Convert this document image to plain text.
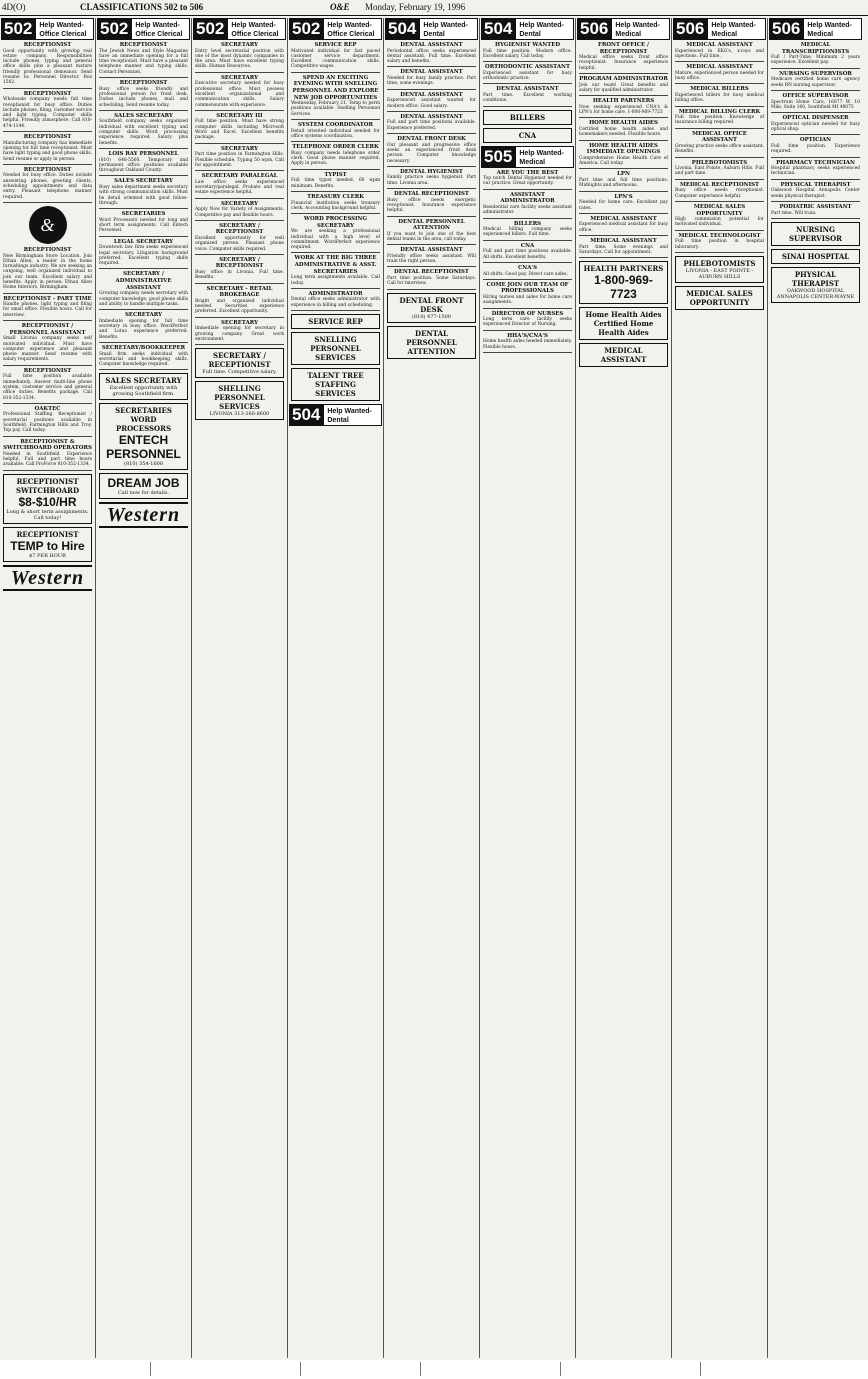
4D(O)	CLASSIFICATIONS 502 to 506	O&E Monday, February 19, 1996
502	Help Wanted-Office Clerical
RECEPTIONIST
Good opportunity with growing real estate company. Responsibilities include phones, typing and general office skills plus a pleasant mature friendly professional demeanor. Send resume to: Personnel Director, Box 1502.
RECEPTIONIST
Wholesale company needs full time receptionist for busy office. Duties include phones, filing, customer service and light typing. Computer skills helpful. Friendly atmosphere. Call 810-474-1144.
RECEPTIONIST
Manufacturing company has immediate opening for full time receptionist. Must have light typing and good phone skills. Send resume or apply in person.
RECEPTIONIST
Needed for busy office. Duties include answering phones, greeting clients, scheduling appointments and data entry. Pleasant telephone manner required.
&
RECEPTIONIST
New Birmingham Store Location. Join Ethan Allen, a leader in the home furnishings industry. We are seeking an outgoing, well organized individual to join our team. Excellent salary and benefits. Apply in person: Ethan Allen Home Interiors, Birmingham.
RECEPTIONIST - PART TIME
Handle phones, light typing and filing for small office. Flexible hours. Call for interview.
RECEPTIONIST / PERSONNEL ASSISTANT
Small Livonia company seeks self motivated individual. Must have computer experience and pleasant phone manner. Send resume with salary requirements.
RECEPTIONIST
Full time position available immediately. Answer multi-line phone system, customer service and general office duties. Benefits package. Call 810-352-1334.
OAKTEC
Professional Staffing. Receptionist / secretarial positions available in Southfield, Farmington Hills and Troy. Top pay. Call today.
RECEPTIONIST & SWITCHBOARD OPERATORS
Needed in Southfield. Experience helpful. Full and part time hours available. Call ProForce 810-352-1334.
RECEPTIONIST SWITCHBOARD
$8-$10/HR
Long & short term assignments. Call today!
RECEPTIONIST
TEMP to Hire
$7 PER HOUR
Western
502	Help Wanted-Office Clerical
RECEPTIONIST
The Jewish News and Style Magazine have an immediate opening for a full time receptionist. Must have a pleasant telephone manner and typing skills. Contact Personnel.
RECEPTIONIST
Busy office seeks friendly and professional person for front desk. Duties include phones, mail and scheduling. Send resume today.
SALES SECRETARY
Southfield company seeks organized individual with excellent typing and computer skills. Word processing experience required. Salary plus benefits.
LOIS RAY PERSONNEL
(810) 646-5560. Temporary and permanent office positions available throughout Oakland County.
SALES SECRETARY
Busy sales department seeks secretary with strong communication skills. Must be detail oriented with good follow-through.
SECRETARIES
Word Processors needed for long and short term assignments. Call Entech Personnel.
LEGAL SECRETARY
Downtown law firm seeks experienced legal secretary. Litigation background preferred. Excellent typing skills required.
SECRETARY / ADMINISTRATIVE ASSISTANT
Growing company needs secretary with computer knowledge, good phone skills and ability to handle multiple tasks.
SECRETARY
Immediate opening for full time secretary in busy office. WordPerfect and Lotus experience preferred. Benefits.
SECRETARY/BOOKKEEPER
Small firm seeks individual with secretarial and bookkeeping skills. Computer knowledge required.
SALES SECRETARY
Excellent opportunity with growing Southfield firm.
SECRETARIES WORD PROCESSORS
ENTECH PERSONNEL
(810) 354-1600
DREAM JOB
Call now for details.
Western
502	Help Wanted-Office Clerical
SECRETARY
Entry level secretarial position with one of the most dynamic companies in the area. Must have excellent typing skills. Human Resources.
SECRETARY
Executive secretary needed for busy professional office. Must possess excellent organizational and communication skills. Salary commensurate with experience.
SECRETARY III
Full time position. Must have strong computer skills including Microsoft Word and Excel. Excellent benefits package.
SECRETARY
Part time position in Farmington Hills. Flexible schedule. Typing 50 wpm. Call for appointment.
SECRETARY PARALEGAL
Law office seeks experienced secretary/paralegal. Probate and real estate experience helpful.
SECRETARY
Apply Now for Variety of Assignments. Competitive pay and flexible hours.
SECRETARY / RECEPTIONIST
Excellent opportunity for well organized person. Pleasant phone voice. Computer skills required.
SECRETARY / RECEPTIONIST
Busy office in Livonia. Full time. Benefits.
SECRETARY - RETAIL BROKERAGE
Bright and organized individual needed. Securities experience preferred. Excellent opportunity.
SECRETARY
Immediate opening for secretary in growing company. Great work environment.
SECRETARY / RECEPTIONIST
Full time. Competitive salary.
SHELLING PERSONNEL SERVICES
LIVONIA 313-266-8600
502	Help Wanted-Office Clerical
SERVICE REP
Motivated individual for fast paced customer service department. Excellent communication skills. Competitive wages.
SPEND AN EXCITING EVENING WITH SNELLING PERSONNEL AND EXPLORE NEW JOB OPPORTUNITIES
Wednesday, February 21. Temp to perm positions available. Snelling Personnel Services.
SYSTEM COORDINATOR
Detail oriented individual needed for office systems coordination.
TELEPHONE ORDER CLERK
Busy company needs telephone order clerk. Good phone manner required. Apply in person.
TYPIST
Full time typist needed. 60 wpm minimum. Benefits.
TREASURY CLERK
Financial institution seeks treasury clerk. Accounting background helpful.
WORD PROCESSING SECRETARY
We are seeking a professional individual with a high level of commitment. WordPerfect experience required.
WORK AT THE BIG THREE ADMINISTRATIVE & ASST. SECRETARIES
Long term assignments available. Call today.
ADMINISTRATOR
Dental office seeks administrator with experience in billing and scheduling.
SERVICE REP
SNELLING PERSONNEL SERVICES
TALENT TREE STAFFING SERVICES
504	Help Wanted-Dental
504	Help Wanted-Dental
DENTAL ASSISTANT
Periodontal office seeks experienced dental assistant. Full time. Excellent salary and benefits.
DENTAL ASSISTANT
Needed for busy family practice. Part time, some evenings.
DENTAL ASSISTANT
Experienced assistant wanted for modern office. Good salary.
DENTAL ASSISTANT
Full and part time positions available. Experience preferred.
DENTAL FRONT DESK
Our pleasant and progressive office seeks an experienced front desk person. Computer knowledge necessary.
DENTAL HYGIENIST
Family practice seeks hygienist. Part time. Livonia area.
DENTAL RECEPTIONIST
Busy office needs energetic receptionist. Insurance experience helpful.
DENTAL PERSONNEL ATTENTION
If you want to join one of the best dental teams in the area, call today.
DENTAL ASSISTANT
Friendly office seeks assistant. Will train the right person.
DENTAL RECEPTIONIST
Part time position. Some Saturdays. Call for interview.
DENTAL FRONT DESK
(810) 477-1500
DENTAL PERSONNEL ATTENTION
504	Help Wanted-Dental
HYGIENIST WANTED
Full time position. Modern office. Excellent salary. Call today.
ORTHODONTIC ASSISTANT
Experienced assistant for busy orthodontic practice.
DENTAL ASSISTANT
Part time. Excellent working conditions.
BILLERS
CNA
505	Help Wanted-Medical
ARE YOU THE BEST
Top notch Dental Hygienist needed for our practice. Great opportunity.
ASSISTANT ADMINISTRATOR
Residential care facility seeks assistant administrator.
BILLERS
Medical billing company seeks experienced billers. Full time.
CNA
Full and part time positions available. All shifts. Excellent benefits.
CNA'S
All shifts. Good pay. Direct care aides.
COME JOIN OUR TEAM OF PROFESSIONALS
Hiring nurses and aides for home care assignments.
DIRECTOR OF NURSES
Long term care facility seeks experienced Director of Nursing.
HHA'S/CNA'S
Home health aides needed immediately. Flexible hours.
506	Help Wanted-Medical
FRONT OFFICE / RECEPTIONIST
Medical office seeks front office receptionist. Insurance experience helpful.
PROGRAM ADMINISTRATOR
Join our team! Great benefits and salary for qualified administrator.
HEALTH PARTNERS
Now seeking experienced CNA's & LPN's for home care. 1-800-969-7723
HOME HEALTH AIDES
Certified home health aides and homemakers needed. Flexible hours.
HOME HEALTH AIDES IMMEDIATE OPENINGS
Comprehensive Home Health Care of America. Call today.
LPN
Part time and full time positions. Midnights and afternoons.
LPN'S
Needed for home care. Excellent pay rates.
MEDICAL ASSISTANT
Experienced medical assistant for busy office.
MEDICAL ASSISTANT
Part time. Some evenings and Saturdays. Call for appointment.
HEALTH PARTNERS
1-800-969-7723
Home Health Aides Certified Home Health Aides
MEDICAL ASSISTANT
506	Help Wanted-Medical
MEDICAL ASSISTANT
Experienced in EKG's, x-rays and injections. Full time.
MEDICAL ASSISTANT
Mature, experienced person needed for busy office.
MEDICAL BILLERS
Experienced billers for busy medical billing office.
MEDICAL BILLING CLERK
Full time position. Knowledge of insurance billing required.
MEDICAL OFFICE ASSISTANT
Growing practice seeks office assistant. Benefits.
PHLEBOTOMISTS
Livonia, East Pointe, Auburn Hills. Full and part time.
MEDICAL RECEPTIONIST
Busy office needs receptionist. Computer experience helpful.
MEDICAL SALES OPPORTUNITY
High commission potential for motivated individual.
MEDICAL TECHNOLOGIST
Full time position in hospital laboratory.
PHLEBOTOMISTS
LIVONIA - EAST POINTE - AUBURN HILLS
MEDICAL SALES OPPORTUNITY
506	Help Wanted-Medical
MEDICAL TRANSCRIPTIONISTS
Full / Part-Time. Minimum 2 years experience. Excellent pay.
NURSING SUPERVISOR
Medicare certified home care agency seeks RN nursing supervisor.
OFFICE SUPERVISOR
Spectrum Home Care, 16877 W. 10 Mile, Suite 100, Southfield MI 48075
OPTICAL DISPENSER
Experienced optician needed for busy optical shop.
OPTICIAN
Full time position. Experience required.
PHARMACY TECHNICIAN
Hospital pharmacy seeks experienced technician.
PHYSICAL THERAPIST
Oakwood Hospital Annapolis Center seeks physical therapist.
PODIATRIC ASSISTANT
Part time. Will train.
NURSING SUPERVISOR
SINAI HOSPITAL
PHYSICAL THERAPIST
OAKWOOD HOSPITAL ANNAPOLIS CENTER-WAYNE
